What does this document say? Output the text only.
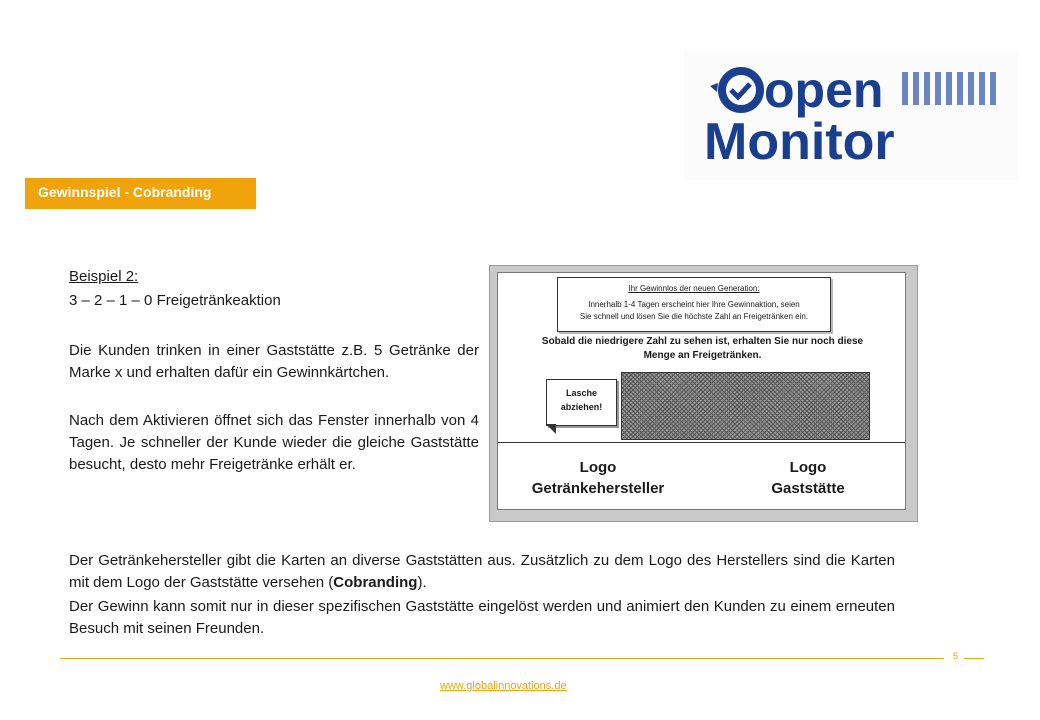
open
Monitor
Gewinnspiel - Cobranding
Beispiel 2:
3 – 2 – 1 – 0 Freigetränkeaktion
Die Kunden trinken in einer Gaststätte z.B. 5 Getränke der Marke x und erhalten dafür ein Gewinnkärtchen.
Nach dem Aktivieren öffnet sich das Fenster innerhalb von 4 Tagen. Je schneller der Kunde wieder die gleiche Gaststätte besucht, desto mehr Freigetränke erhält er.
Ihr Gewinnlos der neuen Generation:
Innerhalb 1-4 Tagen erscheint hier Ihre Gewinnaktion, seien
Sie schnell und lösen Sie die höchste Zahl an Freigetränken ein.
Sobald die niedrigere Zahl zu sehen ist, erhalten Sie nur noch diese
Menge an Freigetränken.
Lasche
abziehen!
Logo
Getränkehersteller
Logo
Gaststätte
Der Getränkehersteller gibt die Karten an diverse Gaststätten aus. Zusätzlich zu dem Logo des Herstellers sind die Karten mit dem Logo der Gaststätte versehen (Cobranding).
Der Gewinn kann somit nur in dieser spezifischen Gaststätte eingelöst werden und animiert den Kunden zu einem erneuten Besuch mit seinen Freunden.
5
www.globalinnovations.de
